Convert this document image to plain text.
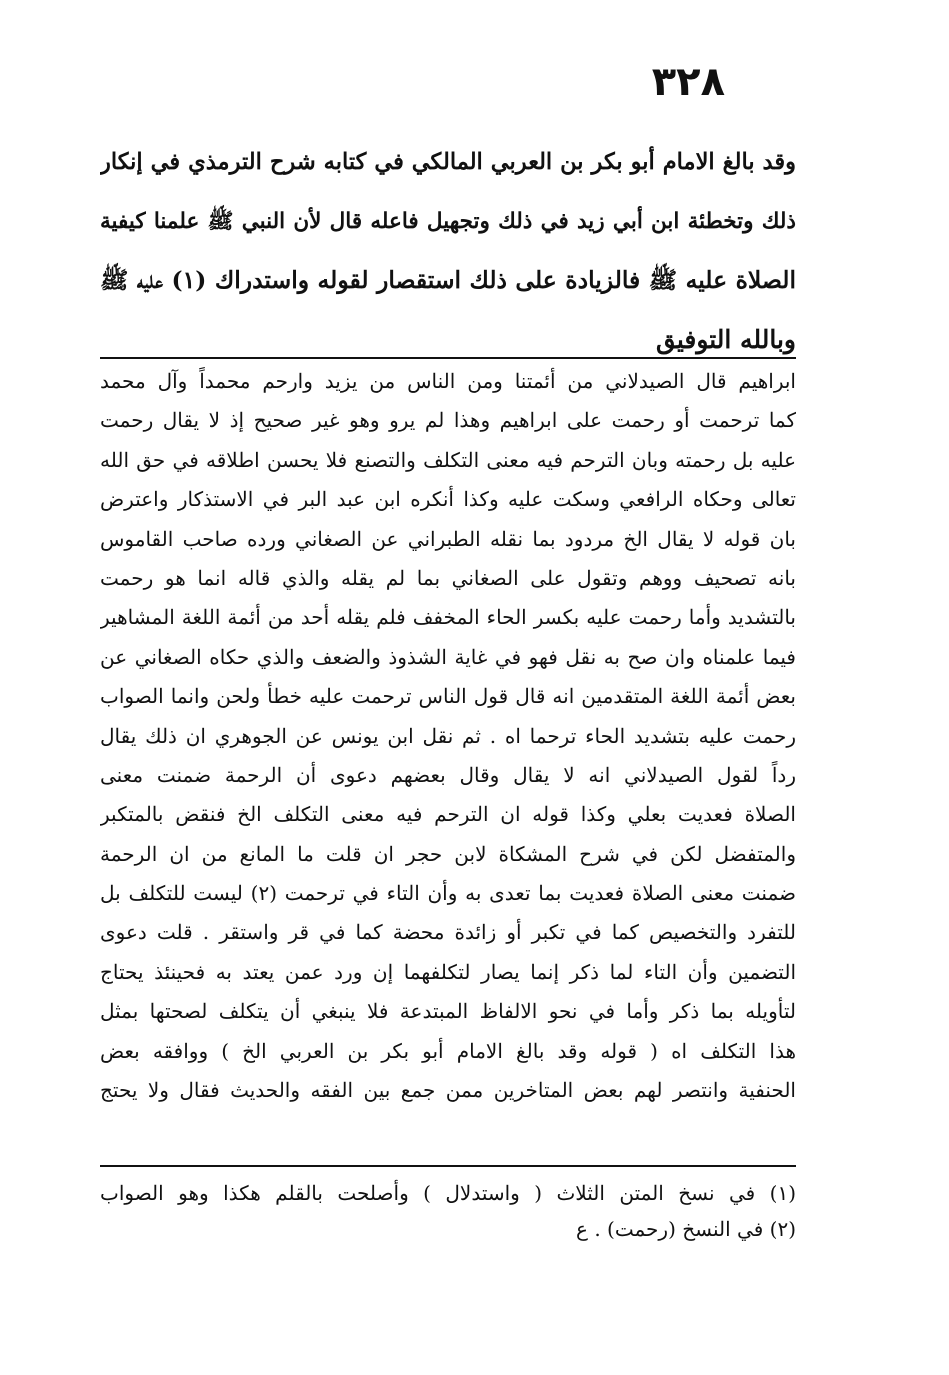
٣٢٨
وقد بالغ الامام أبو بكر بن العربي المالكي في كتابه شرح الترمذي في إنكار
ذلك وتخطئة ابن أبي زيد في ذلك وتجهيل فاعله قال لأن النبي ﷺ علمنا كيفية
الصلاة عليه ﷺ فالزيادة على ذلك استقصار لقوله واستدراك (١) عليه ﷺ
وبالله التوفيق
ابراهيم قال الصيدلاني من أئمتنا ومن الناس من يزيد وارحم محمداً وآل محمد
كما ترحمت أو رحمت على ابراهيم وهذا لم يرو وهو غير صحيح إذ لا يقال رحمت
عليه بل رحمته وبان الترحم فيه معنى التكلف والتصنع فلا يحسن اطلاقه في حق الله
تعالى وحكاه الرافعي وسكت عليه وكذا أنكره ابن عبد البر في الاستذكار واعترض
بان قوله لا يقال الخ مردود بما نقله الطبراني عن الصغاني ورده صاحب القاموس
بانه تصحيف ووهم وتقول على الصغاني بما لم يقله والذي قاله انما هو رحمت
بالتشديد وأما رحمت عليه بكسر الحاء المخفف فلم يقله أحد من أئمة اللغة المشاهير
فيما علمناه وان صح به نقل فهو في غاية الشذوذ والضعف والذي حكاه الصغاني عن
بعض أئمة اللغة المتقدمين انه قال قول الناس ترحمت عليه خطأ ولحن وانما الصواب
رحمت عليه بتشديد الحاء ترحما اه . ثم نقل ابن يونس عن الجوهري ان ذلك يقال
رداً لقول الصيدلاني انه لا يقال وقال بعضهم دعوى أن الرحمة ضمنت معنى
الصلاة فعديت بعلي وكذا قوله ان الترحم فيه معنى التكلف الخ فنقض بالمتكبر
والمتفضل لكن في شرح المشكاة لابن حجر ان قلت ما المانع من ان الرحمة
ضمنت معنى الصلاة فعديت بما تعدى به وأن التاء في ترحمت (٢) ليست للتكلف بل
للتفرد والتخصيص كما في تكبر أو زائدة محضة كما في قر واستقر . قلت دعوى
التضمين وأن التاء لما ذكر إنما يصار لتكلفهما إن ورد عمن يعتد به فحينئذ يحتاج
لتأويله بما ذكر وأما في نحو الالفاظ المبتدعة فلا ينبغي أن يتكلف لصحتها بمثل
هذا التكلف اه ( قوله وقد بالغ الامام أبو بكر بن العربي الخ ) ووافقه بعض
الحنفية وانتصر لهم بعض المتاخرين ممن جمع بين الفقه والحديث فقال ولا يحتج
(١) في نسخ المتن الثلاث ( واستدلال ) وأصلحت بالقلم هكذا وهو الصواب
(٢) في النسخ (رحمت) . ع
